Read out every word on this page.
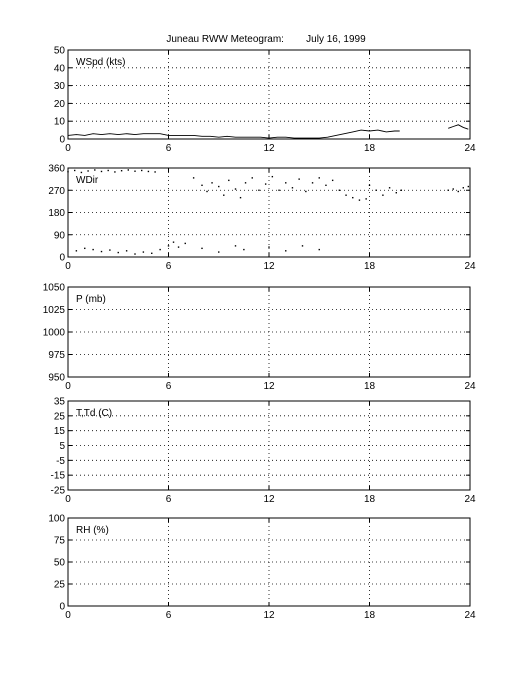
Juneau RWW Meteogram:        July 16, 1999
0	6	12	18	24
0
10
20
30
40
50
WSpd (kts)
0	6	12	18	24
0
90
180
270
360
WDir
0	6	12	18	24
950
975
1000
1025
1050
P (mb)
0	6	12	18	24
-25
-15
-5
5
15
25
35
T,Td (C)
0	6	12	18	24
0
25
50
75
100
RH (%)
